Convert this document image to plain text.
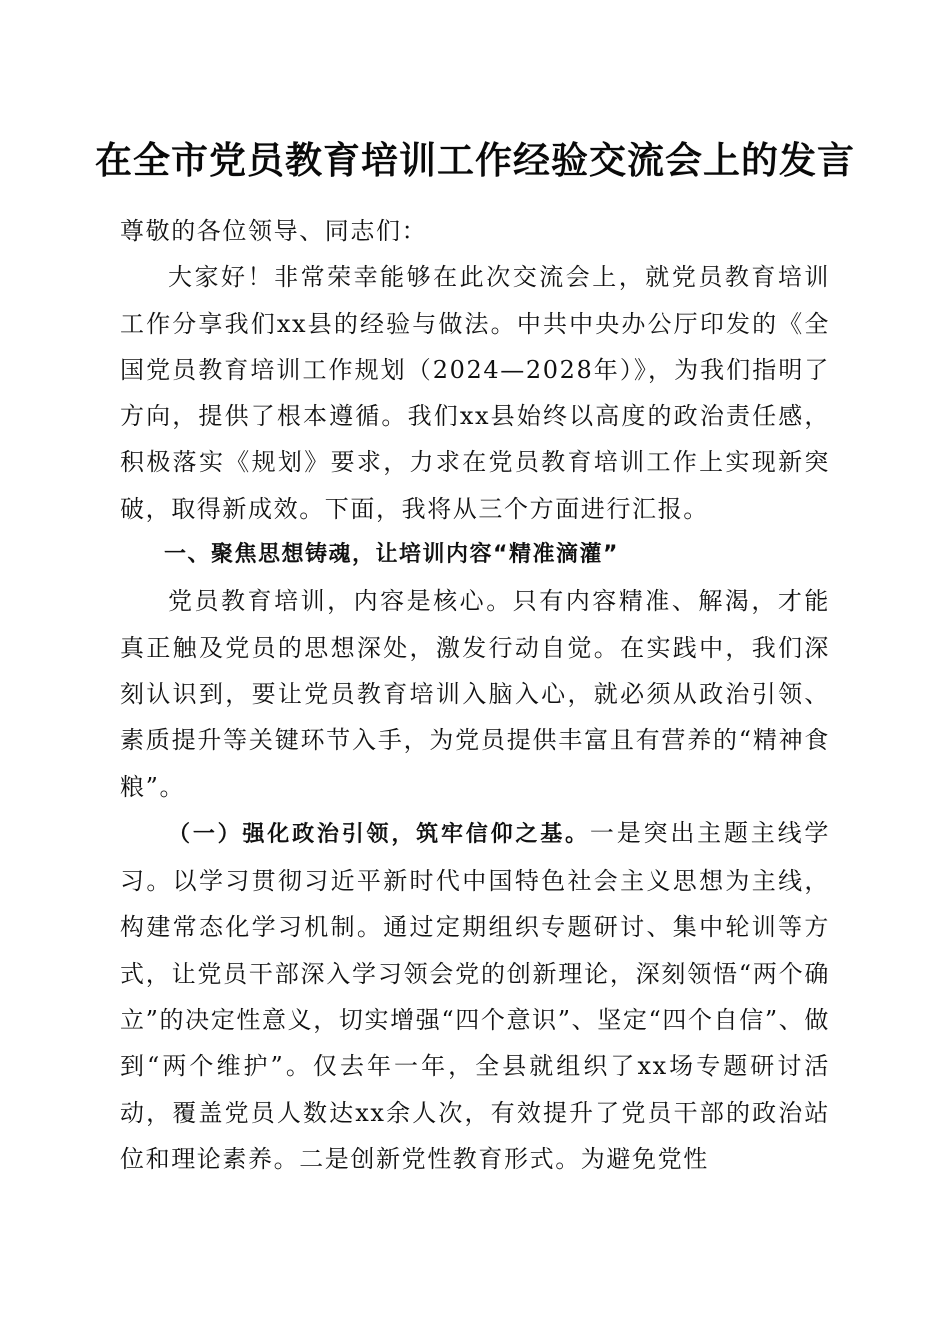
在全市党员教育培训工作经验交流会上的发言

尊敬的各位领导、同志们：

大家好！非常荣幸能够在此次交流会上，就党员教育培训工作分享我们xx县的经验与做法。中共中央办公厅印发的《全国党员教育培训工作规划（2024—2028年）》，为我们指明了方向，提供了根本遵循。我们xx县始终以高度的政治责任感，积极落实《规划》要求，力求在党员教育培训工作上实现新突破，取得新成效。下面，我将从三个方面进行汇报。

一、聚焦思想铸魂，让培训内容“精准滴灌”

党员教育培训，内容是核心。只有内容精准、解渴，才能真正触及党员的思想深处，激发行动自觉。在实践中，我们深刻认识到，要让党员教育培训入脑入心，就必须从政治引领、素质提升等关键环节入手，为党员提供丰富且有营养的“精神食粮”。

（一）强化政治引领，筑牢信仰之基。一是突出主题主线学习。以学习贯彻习近平新时代中国特色社会主义思想为主线，构建常态化学习机制。通过定期组织专题研讨、集中轮训等方式，让党员干部深入学习领会党的创新理论，深刻领悟“两个确立”的决定性意义，切实增强“四个意识”、坚定“四个自信”、做到“两个维护”。仅去年一年，全县就组织了xx场专题研讨活动，覆盖党员人数达xx余人次，有效提升了党员干部的政治站位和理论素养。二是创新党性教育形式。为避免党性
